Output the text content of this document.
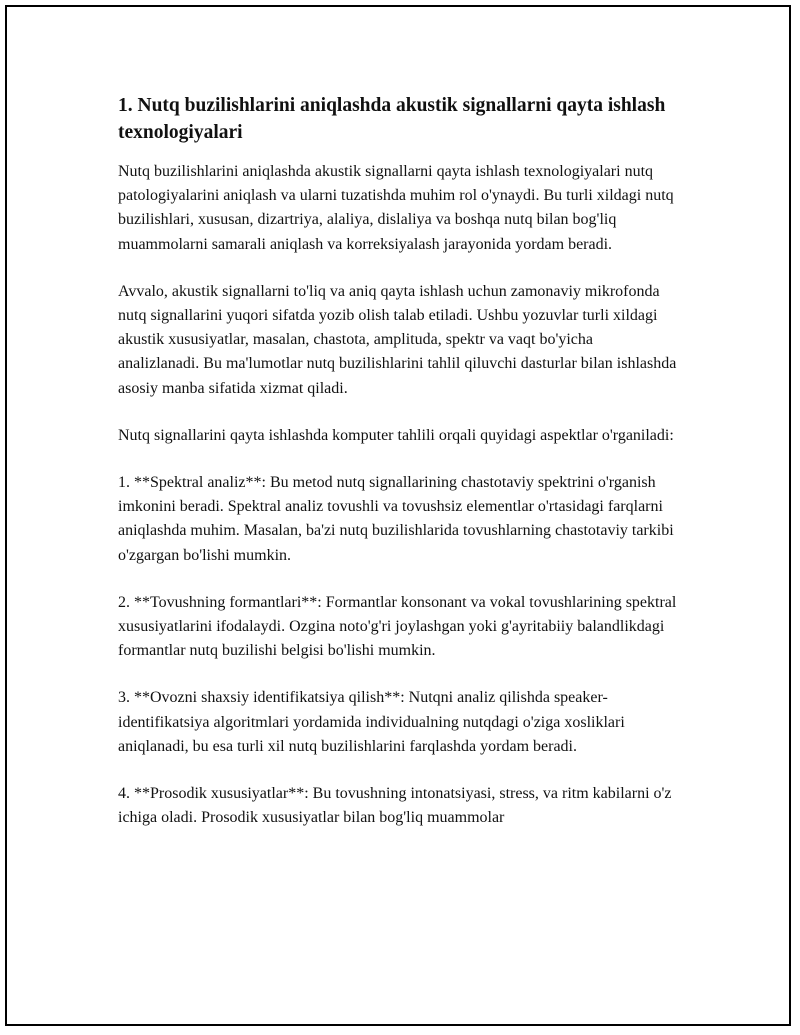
1. Nutq buzilishlarini aniqlashda akustik signallarni qayta ishlash texnologiyalari

Nutq buzilishlarini aniqlashda akustik signallarni qayta ishlash texnologiyalari nutq patologiyalarini aniqlash va ularni tuzatishda muhim rol o'ynaydi. Bu turli xildagi nutq buzilishlari, xususan, dizartriya, alaliya, dislaliya va boshqa nutq bilan bog'liq muammolarni samarali aniqlash va korreksiyalash jarayonida yordam beradi.

Avvalo, akustik signallarni to'liq va aniq qayta ishlash uchun zamonaviy mikrofonda nutq signallarini yuqori sifatda yozib olish talab etiladi. Ushbu yozuvlar turli xildagi akustik xususiyatlar, masalan, chastota, amplituda, spektr va vaqt bo'yicha analizlanadi. Bu ma'lumotlar nutq buzilishlarini tahlil qiluvchi dasturlar bilan ishlashda asosiy manba sifatida xizmat qiladi.

Nutq signallarini qayta ishlashda komputer tahlili orqali quyidagi aspektlar o'rganiladi:

1. **Spektral analiz**: Bu metod nutq signallarining chastotaviy spektrini o'rganish imkonini beradi. Spektral analiz tovushli va tovushsiz elementlar o'rtasidagi farqlarni aniqlashda muhim. Masalan, ba'zi nutq buzilishlarida tovushlarning chastotaviy tarkibi o'zgargan bo'lishi mumkin.

2. **Tovushning formantlari**: Formantlar konsonant va vokal tovushlarining spektral xususiyatlarini ifodalaydi. Ozgina noto'g'ri joylashgan yoki g'ayritabiiy balandlikdagi formantlar nutq buzilishi belgisi bo'lishi mumkin.

3. **Ovozni shaxsiy identifikatsiya qilish**: Nutqni analiz qilishda speaker-identifikatsiya algoritmlari yordamida individualning nutqdagi o'ziga xosliklari aniqlanadi, bu esa turli xil nutq buzilishlarini farqlashda yordam beradi.

4. **Prosodik xususiyatlar**: Bu tovushning intonatsiyasi, stress, va ritm kabilarni o'z ichiga oladi. Prosodik xususiyatlar bilan bog'liq muammolar
